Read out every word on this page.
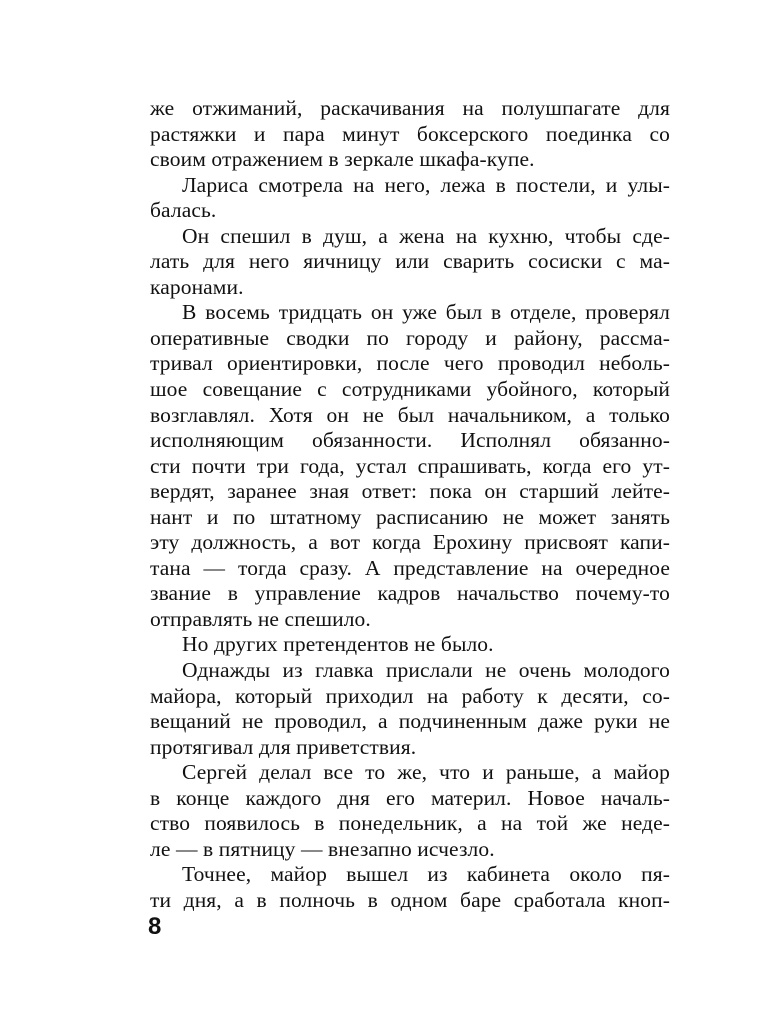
же отжиманий, раскачивания на полушпагате для
растяжки и пара минут боксерского поединка со
своим отражением в зеркале шкафа-купе.
Лариса смотрела на него, лежа в постели, и улы-
балась.
Он спешил в душ, а жена на кухню, чтобы сде-
лать для него яичницу или сварить сосиски с ма-
каронами.
В восемь тридцать он уже был в отделе, проверял
оперативные сводки по городу и району, рассма-
тривал ориентировки, после чего проводил неболь-
шое совещание с сотрудниками убойного, который
возглавлял. Хотя он не был начальником, а только
исполняющим обязанности. Исполнял обязанно-
сти почти три года, устал спрашивать, когда его ут-
вердят, заранее зная ответ: пока он старший лейте-
нант и по штатному расписанию не может занять
эту должность, а вот когда Ерохину присвоят капи-
тана — тогда сразу. А представление на очередное
звание в управление кадров начальство почему-то
отправлять не спешило.
Но других претендентов не было.
Однажды из главка прислали не очень молодого
майора, который приходил на работу к десяти, со-
вещаний не проводил, а подчиненным даже руки не
протягивал для приветствия.
Сергей делал все то же, что и раньше, а майор
в конце каждого дня его материл. Новое началь-
ство появилось в понедельник, а на той же неде-
ле — в пятницу — внезапно исчезло.
Точнее, майор вышел из кабинета около пя-
ти дня, а в полночь в одном баре сработала кноп-
8
